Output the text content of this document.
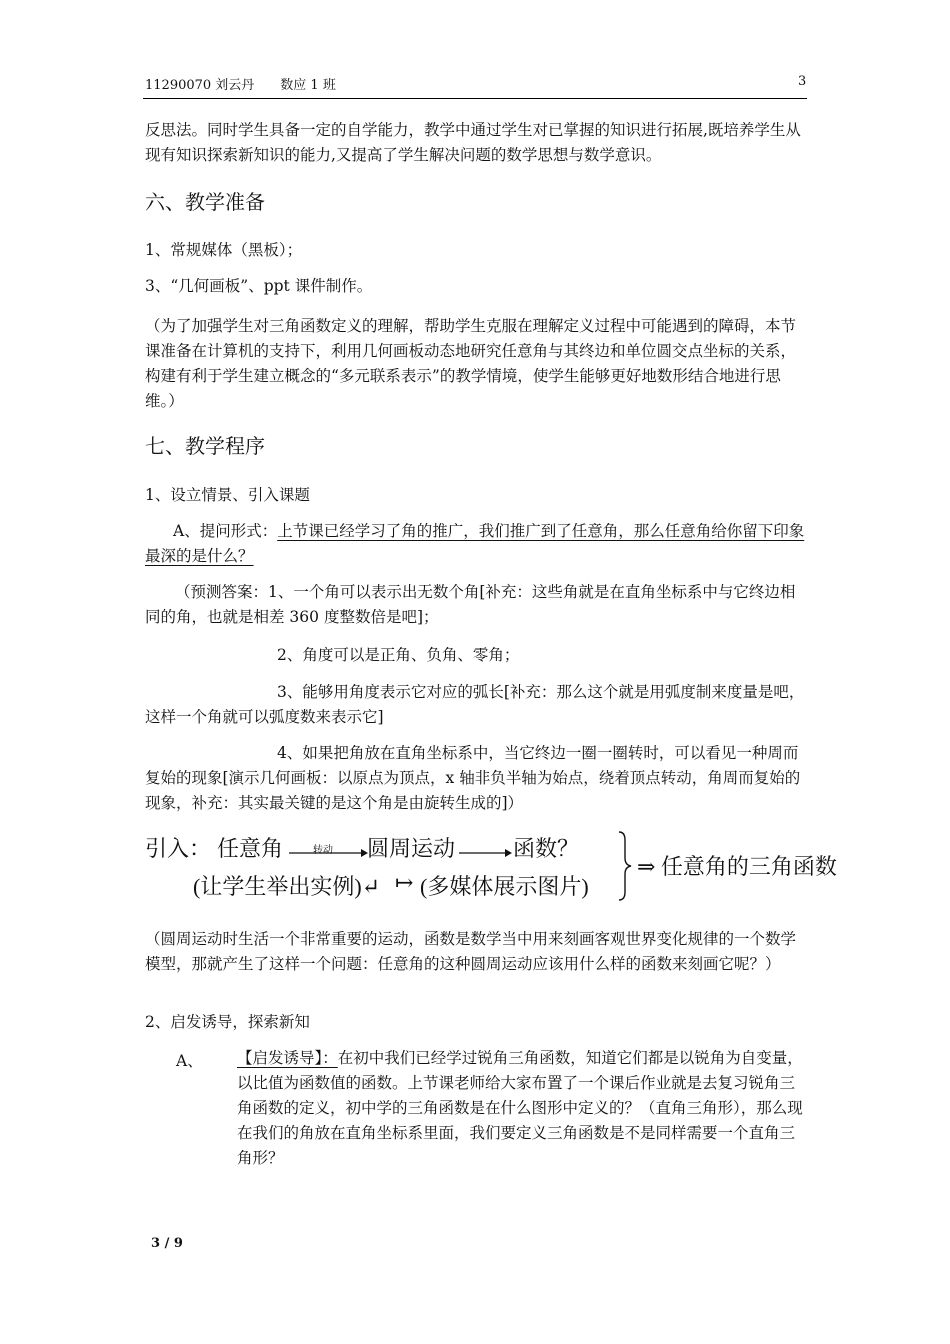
11290070 刘云丹　　数应 1 班	3
反思法。同时学生具备一定的自学能力，教学中通过学生对已掌握的知识进行拓展,既培养学生从现有知识探索新知识的能力,又提高了学生解决问题的数学思想与数学意识。
六、教学准备
1、常规媒体（黑板）；
3、“几何画板”、ppt 课件制作。
（为了加强学生对三角函数定义的理解，帮助学生克服在理解定义过程中可能遇到的障碍，本节课准备在计算机的支持下，利用几何画板动态地研究任意角与其终边和单位圆交点坐标的关系，构建有利于学生建立概念的“多元联系表示”的教学情境，使学生能够更好地数形结合地进行思维。）
七、教学程序
1、设立情景、引入课题
A、提问形式：上节课已经学习了角的推广，我们推广到了任意角，那么任意角给你留下印象最深的是什么？
（预测答案：1、一个角可以表示出无数个角[补充：这些角就是在直角坐标系中与它终边相同的角，也就是相差 360 度整数倍是吧]；
2、角度可以是正角、负角、零角；
3、能够用角度表示它对应的弧长[补充：那么这个就是用弧度制来度量是吧，这样一个角就可以弧度数来表示它]
4、如果把角放在直角坐标系中，当它终边一圈一圈转时，可以看见一种周而复始的现象[演示几何画板：以原点为顶点，x 轴非负半轴为始点，绕着顶点转动，角周而复始的现象，补充：其实最关键的是这个角是由旋转生成的]）
引入： 任意角	转动 圆周运动	函数？
(让学生举出实例)↵ ↦ (多媒体展示图片)
⇒ 任意角的三角函数
（圆周运动时生活一个非常重要的运动，函数是数学当中用来刻画客观世界变化规律的一个数学模型，那就产生了这样一个问题：任意角的这种圆周运动应该用什么样的函数来刻画它呢？）
2、启发诱导，探索新知
A、	【启发诱导】：在初中我们已经学过锐角三角函数，知道它们都是以锐角为自变量，以比值为函数值的函数。上节课老师给大家布置了一个课后作业就是去复习锐角三角函数的定义，初中学的三角函数是在什么图形中定义的？（直角三角形），那么现在我们的角放在直角坐标系里面，我们要定义三角函数是不是同样需要一个直角三角形？
3 / 9
